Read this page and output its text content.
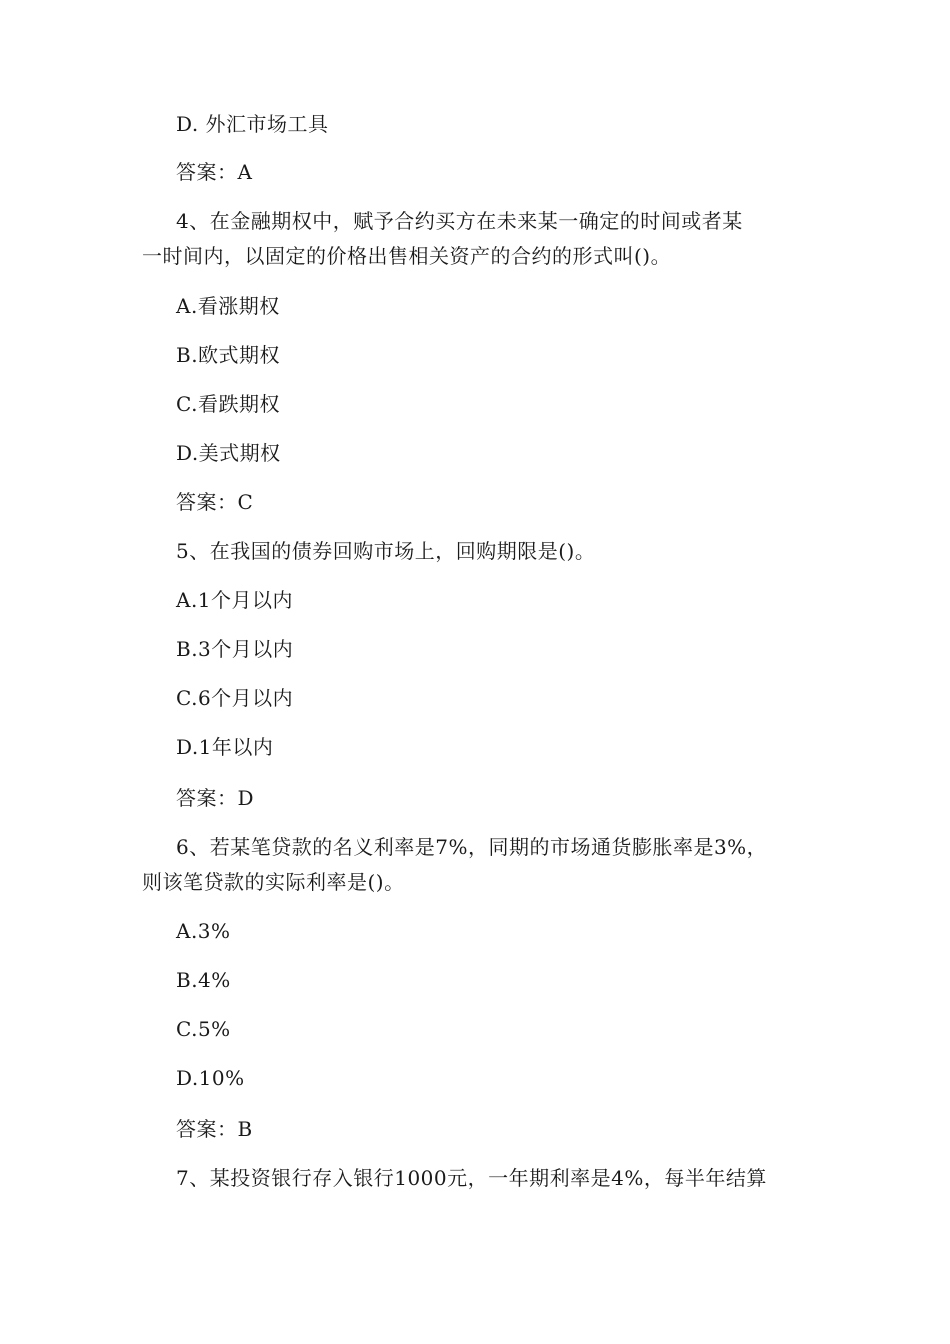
D. 外汇市场工具
答案：A
4、在金融期权中，赋予合约买方在未来某一确定的时间或者某
一时间内，以固定的价格出售相关资产的合约的形式叫()。
A.看涨期权
B.欧式期权
C.看跌期权
D.美式期权
答案：C
5、在我国的债券回购市场上，回购期限是()。
A.1个月以内
B.3个月以内
C.6个月以内
D.1年以内
答案：D
6、若某笔贷款的名义利率是7%，同期的市场通货膨胀率是3%，
则该笔贷款的实际利率是()。
A.3%
B.4%
C.5%
D.10%
答案：B
7、某投资银行存入银行1000元，一年期利率是4%，每半年结算
